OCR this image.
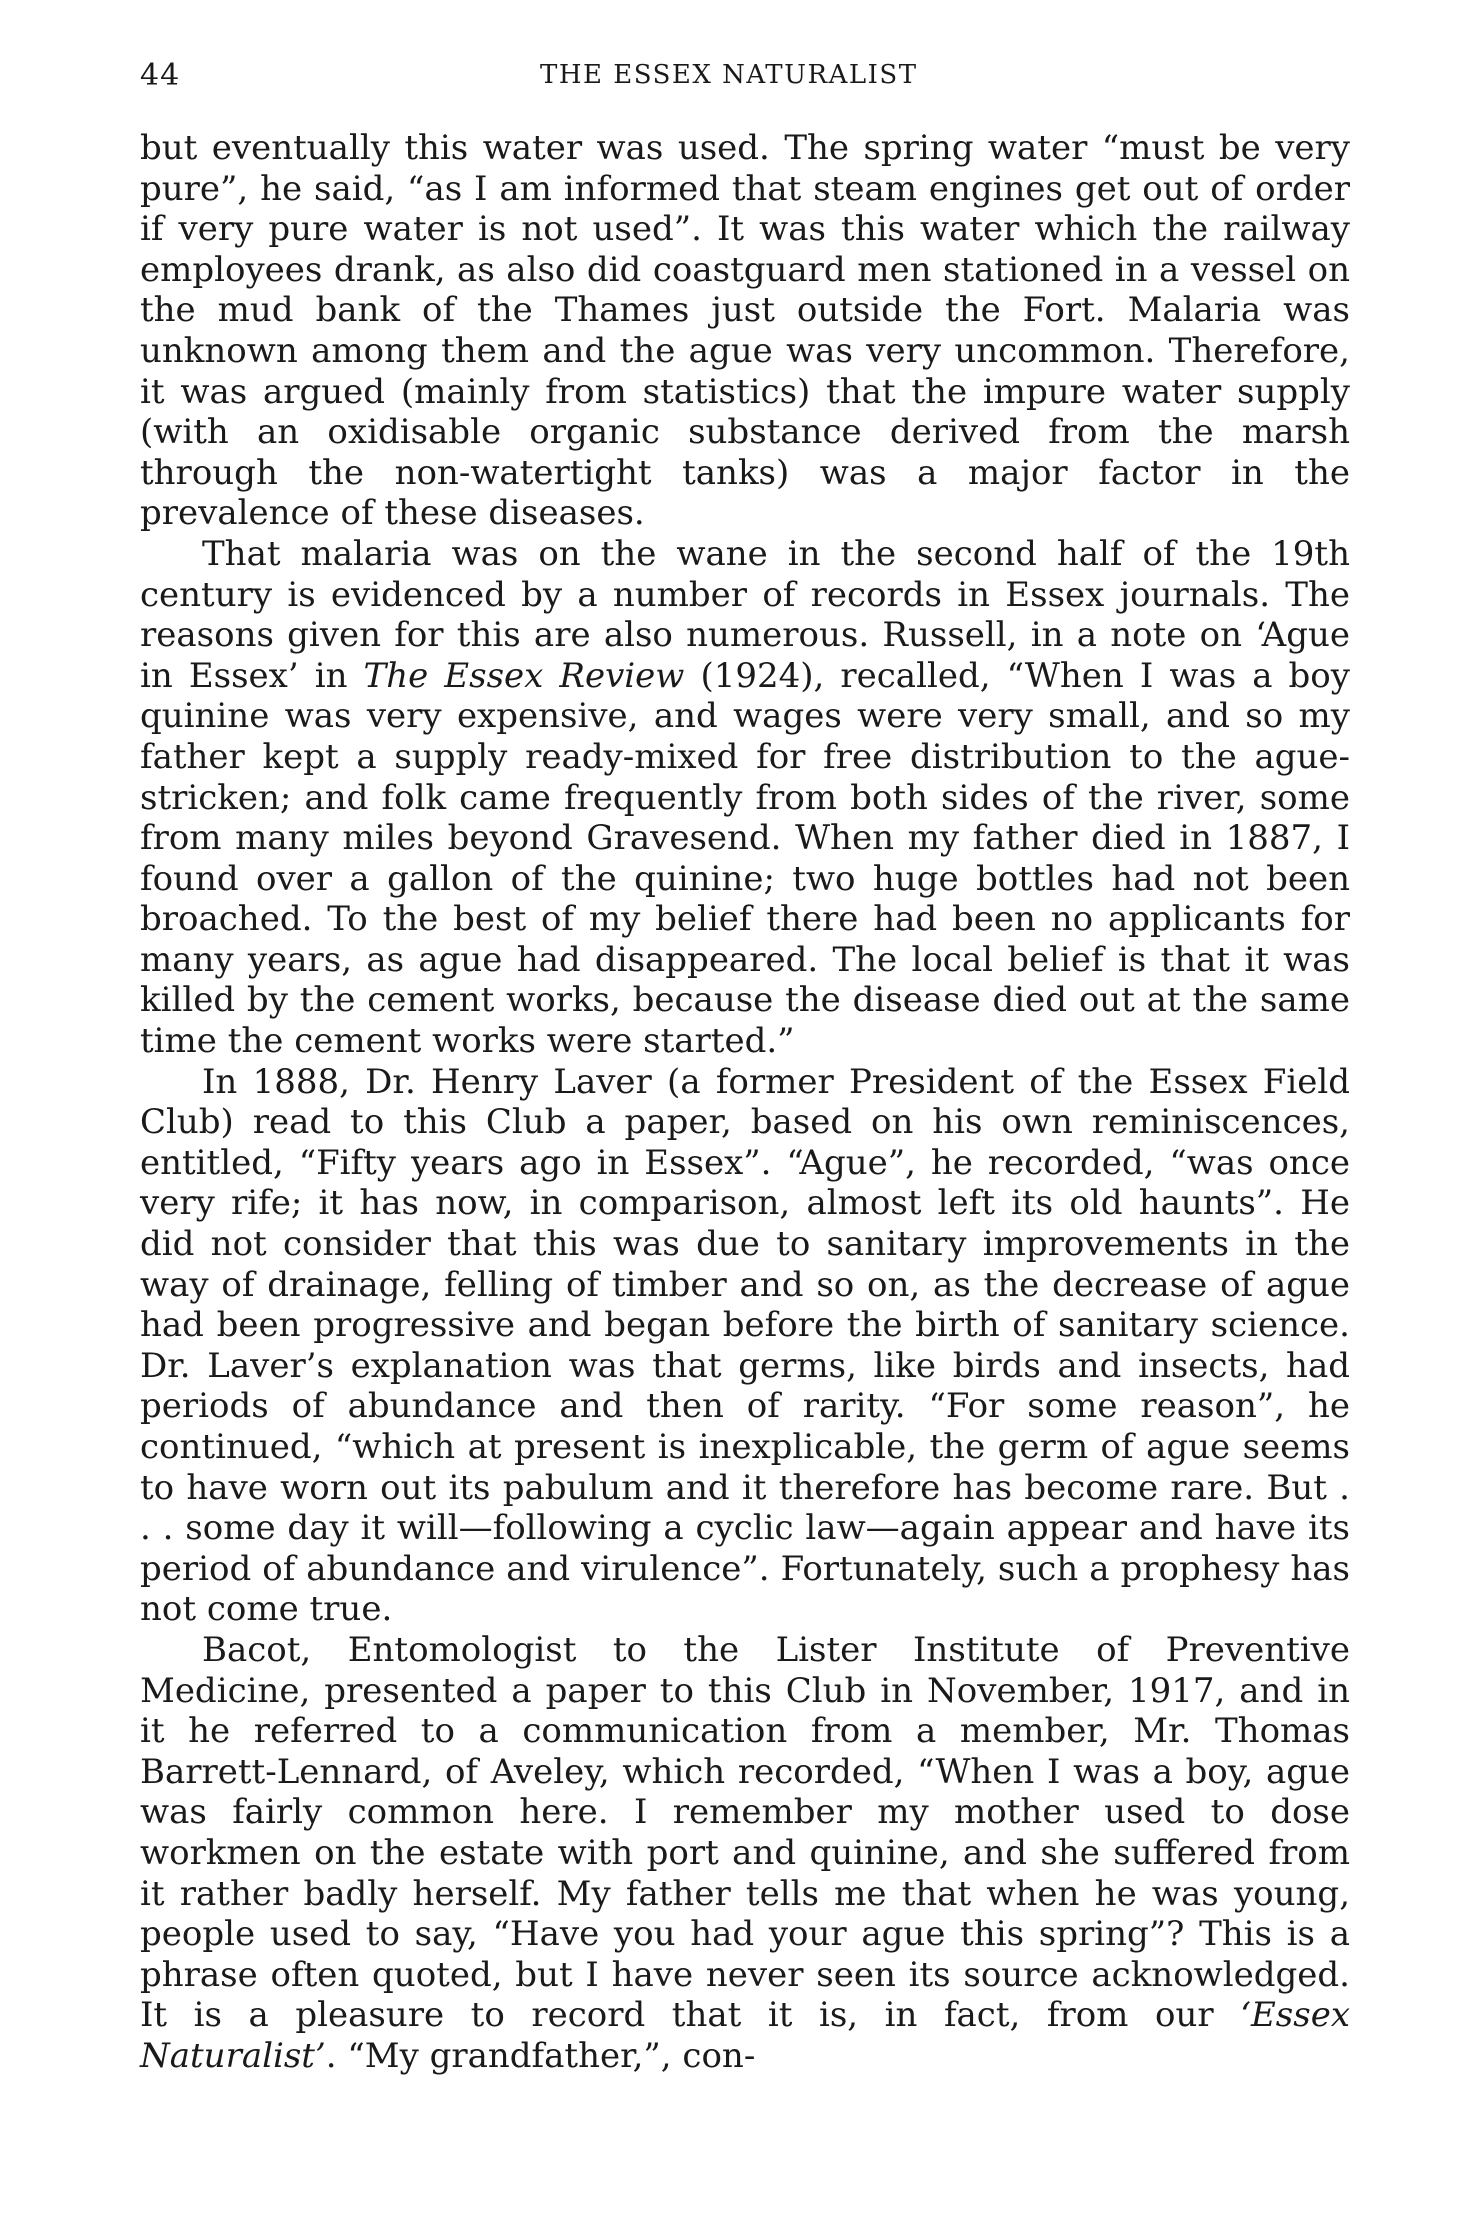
44	THE ESSEX NATURALIST

but eventually this water was used. The spring water “must be very pure”, he said, “as I am informed that steam engines get out of order if very pure water is not used”. It was this water which the railway employees drank, as also did coastguard men stationed in a vessel on the mud bank of the Thames just outside the Fort. Malaria was unknown among them and the ague was very uncommon. Therefore, it was argued (mainly from statistics) that the impure water supply (with an oxidisable organic substance derived from the marsh through the non-watertight tanks) was a major factor in the prevalence of these diseases.

That malaria was on the wane in the second half of the 19th century is evidenced by a number of records in Essex journals. The reasons given for this are also numerous. Russell, in a note on ‘Ague in Essex’ in The Essex Review (1924), recalled, “When I was a boy quinine was very expensive, and wages were very small, and so my father kept a supply ready-mixed for free distribution to the ague-stricken; and folk came frequently from both sides of the river, some from many miles beyond Gravesend. When my father died in 1887, I found over a gallon of the quinine; two huge bottles had not been broached. To the best of my belief there had been no applicants for many years, as ague had disappeared. The local belief is that it was killed by the cement works, because the disease died out at the same time the cement works were started.”

In 1888, Dr. Henry Laver (a former President of the Essex Field Club) read to this Club a paper, based on his own reminiscences, entitled, “Fifty years ago in Essex”. “Ague”, he recorded, “was once very rife; it has now, in comparison, almost left its old haunts”. He did not consider that this was due to sanitary improvements in the way of drainage, felling of timber and so on, as the decrease of ague had been progressive and began before the birth of sanitary science. Dr. Laver’s explanation was that germs, like birds and insects, had periods of abundance and then of rarity. “For some reason”, he continued, “which at present is inexplicable, the germ of ague seems to have worn out its pabulum and it therefore has become rare. But . . . some day it will—following a cyclic law—again appear and have its period of abundance and virulence”. Fortunately, such a prophesy has not come true.

Bacot, Entomologist to the Lister Institute of Preventive Medicine, presented a paper to this Club in November, 1917, and in it he referred to a communication from a member, Mr. Thomas Barrett-Lennard, of Aveley, which recorded, “When I was a boy, ague was fairly common here. I remember my mother used to dose workmen on the estate with port and quinine, and she suffered from it rather badly herself. My father tells me that when he was young, people used to say, “Have you had your ague this spring”? This is a phrase often quoted, but I have never seen its source acknowledged. It is a pleasure to record that it is, in fact, from our ‘Essex Naturalist’. “My grandfather,”, con-
